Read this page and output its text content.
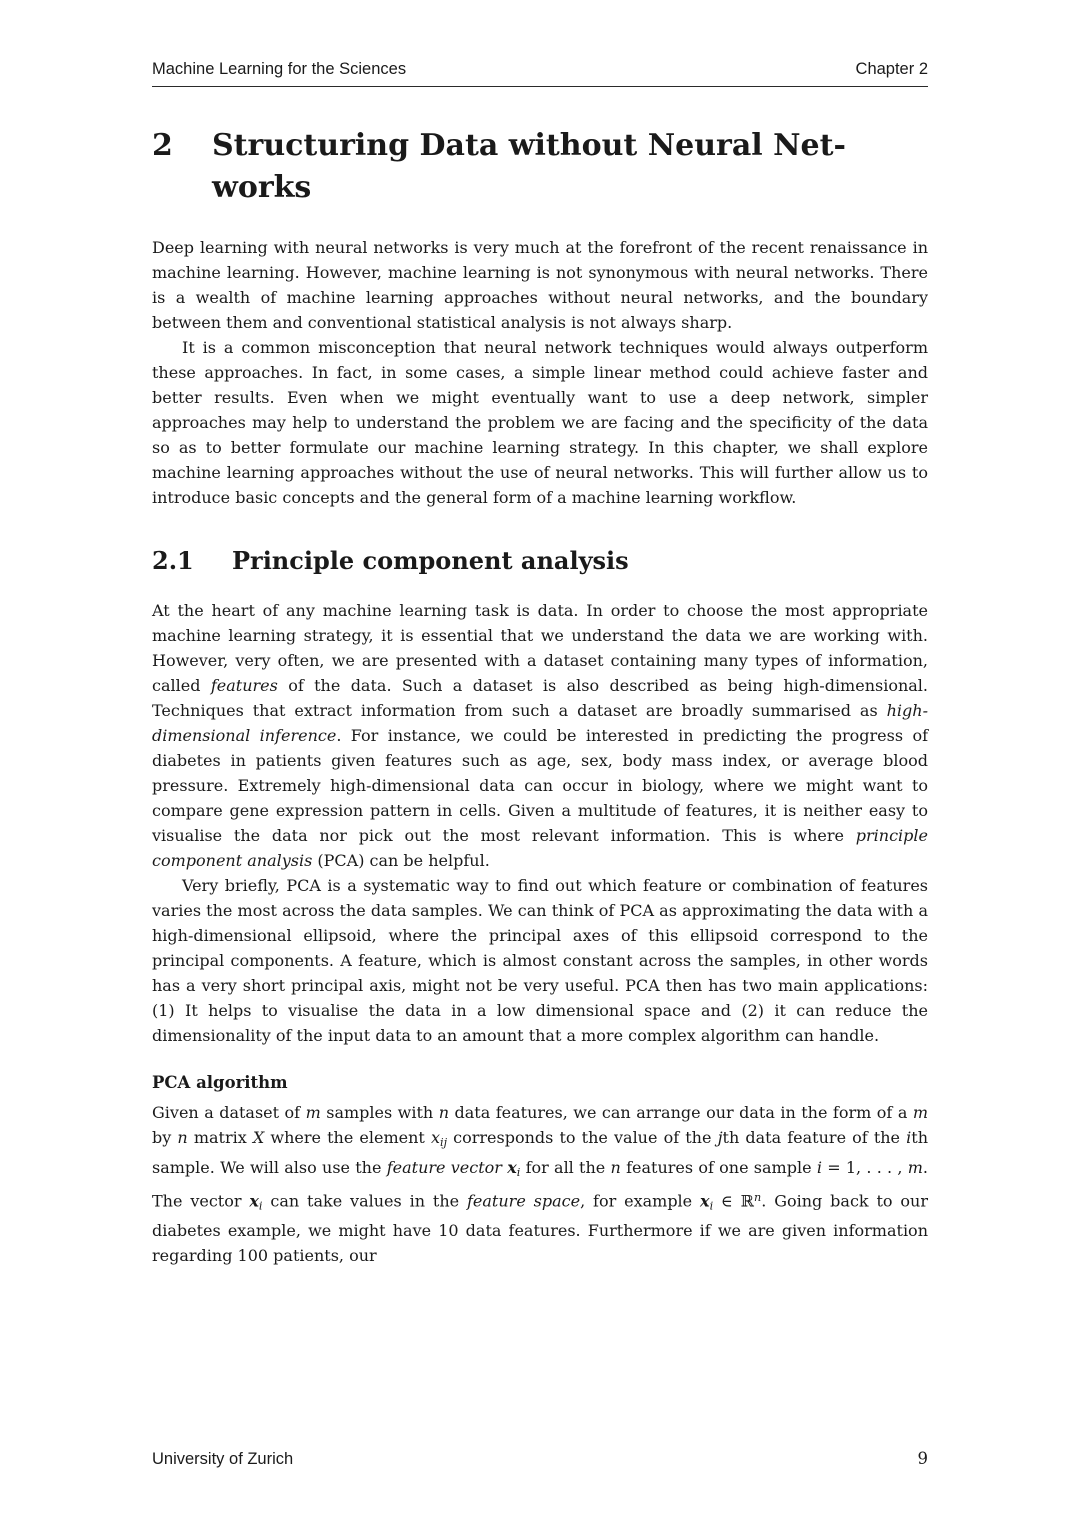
Machine Learning for the Sciences	Chapter 2
2	Structuring Data without Neural Net-
works

Deep learning with neural networks is very much at the forefront of the recent renaissance in machine learning. However, machine learning is not synonymous with neural networks. There is a wealth of machine learning approaches without neural networks, and the boundary between them and conventional statistical analysis is not always sharp.

It is a common misconception that neural network techniques would always outperform these approaches. In fact, in some cases, a simple linear method could achieve faster and better results. Even when we might eventually want to use a deep network, simpler approaches may help to understand the problem we are facing and the specificity of the data so as to better formulate our machine learning strategy. In this chapter, we shall explore machine learning approaches without the use of neural networks. This will further allow us to introduce basic concepts and the general form of a machine learning workflow.

2.1	Principle component analysis

At the heart of any machine learning task is data. In order to choose the most appropriate machine learning strategy, it is essential that we understand the data we are working with. However, very often, we are presented with a dataset containing many types of information, called features of the data. Such a dataset is also described as being high-dimensional. Techniques that extract information from such a dataset are broadly summarised as high-dimensional inference. For instance, we could be interested in predicting the progress of diabetes in patients given features such as age, sex, body mass index, or average blood pressure. Extremely high-dimensional data can occur in biology, where we might want to compare gene expression pattern in cells. Given a multitude of features, it is neither easy to visualise the data nor pick out the most relevant information. This is where principle component analysis (PCA) can be helpful.

Very briefly, PCA is a systematic way to find out which feature or combination of features varies the most across the data samples. We can think of PCA as approximating the data with a high-dimensional ellipsoid, where the principal axes of this ellipsoid correspond to the principal components. A feature, which is almost constant across the samples, in other words has a very short principal axis, might not be very useful. PCA then has two main applications: (1) It helps to visualise the data in a low dimensional space and (2) it can reduce the dimensionality of the input data to an amount that a more complex algorithm can handle.

PCA algorithm

Given a dataset of m samples with n data features, we can arrange our data in the form of a m by n matrix X where the element $x_{ij}$ corresponds to the value of the jth data feature of the ith sample. We will also use the feature vector $x_i$ for all the n features of one sample i = 1, . . . , m. The vector $x_i$ can take values in the feature space, for example $x_i$ ∈ ℝ$^n$. Going back to our diabetes example, we might have 10 data features. Furthermore if we are given information regarding 100 patients, our

University of Zurich	9
